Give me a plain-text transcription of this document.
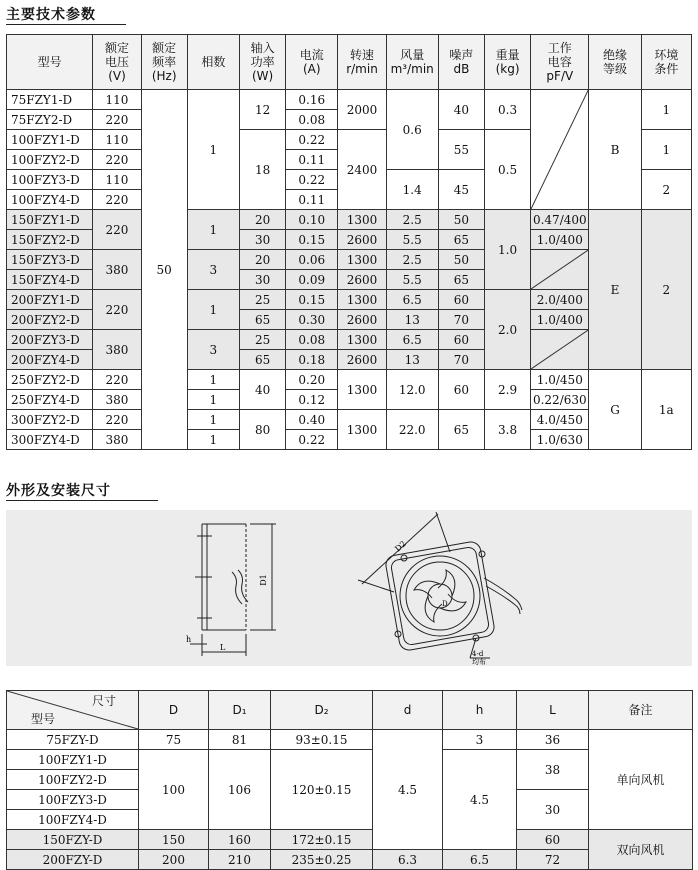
主要技术参数
型号	额定
电压
(V)	额定
频率
(Hz)	相数	轴入
功率
(W)	电流
(A)	转速
r/min	风量
m³/min	噪声
dB	重量
(kg)	工作
电容
pF/V	绝缘
等级	环境
条件
75FZY1-D	110	50	1	12	0.16	2000	0.6	40	0.3		B	1
75FZY2-D	220				0.08							
100FZY1-D	110			18	0.22	2400		55	0.5			1
100FZY2-D	220				0.11							
100FZY3-D	110				0.22		1.4	45				2
100FZY4-D	220				0.11							
150FZY1-D	220		1	20	0.10	1300	2.5	50	1.0	0.47/400	E	2
150FZY2-D				30	0.15	2600	5.5	65		1.0/400		
150FZY3-D	380		3	20	0.06	1300	2.5	50	

150FZY4-D				30	0.09	2600	5.5	65				
200FZY1-D	220		1	25	0.15	1300	6.5	60	2.0	2.0/400		
200FZY2-D				65	0.30	2600	13	70		1.0/400		
200FZY3-D	380		3	25	0.08	1300	6.5	60	

200FZY4-D				65	0.18	2600	13	70				
250FZY2-D	220		1	40	0.20	1300	12.0	60	2.9	1.0/450	G	1a
250FZY4-D	380		1		0.12					0.22/630		
300FZY2-D	220		1	80	0.40	1300	22.0	65	3.8	4.0/450		
300FZY4-D	380		1		0.22					1.0/630		
外形及安装尺寸
D1
L
h
D2
D
4-d
均布
尺寸
型号	D	D₁	D₂	d	h	L	备注
75FZY-D	75	81	93±0.15	4.5	3	36	单向风机
100FZY1-D	100	106	120±0.15		4.5	38	
100FZY2-D							
100FZY3-D						30	
100FZY4-D							
150FZY-D	150	160	172±0.15			60	双向风机
200FZY-D	200	210	235±0.25	6.3	6.5	72	
